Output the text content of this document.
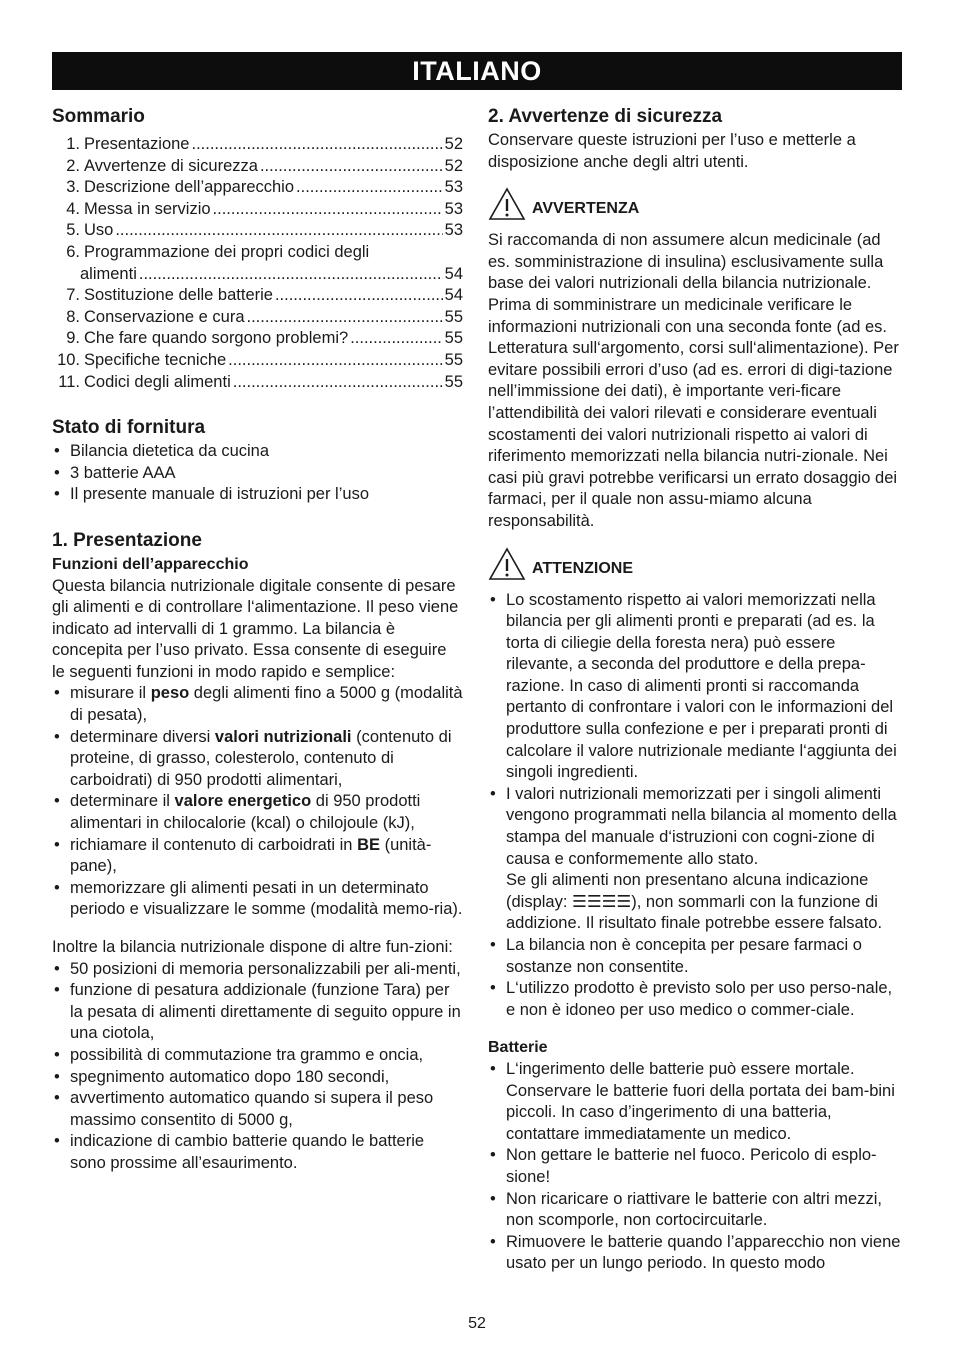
ITALIANO
Sommario
1. Presentazione .....	52
2. Avvertenze di sicurezza .....	52
3. Descrizione dell’apparecchio .....	53
4. Messa in servizio .....	53
5. Uso .....	53
6. Programmazione dei propri codici degli
alimenti .....	54
7. Sostituzione delle batterie .....	54
8. Conservazione e cura .....	55
9. Che fare quando sorgono problemi? .....	55
10. Specifiche tecniche .....	55
11. Codici degli alimenti .....	55
Stato di fornitura
• Bilancia dietetica da cucina
• 3 batterie AAA
• Il presente manuale di istruzioni per l’uso
1. Presentazione
Funzioni dell’apparecchio

Questa bilancia nutrizionale digitale consente di pesare gli alimenti e di controllare l‘alimentazione. Il peso viene indicato ad intervalli di 1 grammo. La bilancia è concepita per l’uso privato. Essa consente di eseguire le seguenti funzioni in modo rapido e semplice:

• misurare il peso degli alimenti fino a 5000 g (modalità di pesata),
• determinare diversi valori nutrizionali (contenuto di proteine, di grasso, colesterolo, contenuto di carboidrati) di 950 prodotti alimentari,
• determinare il valore energetico di 950 prodotti alimentari in chilocalorie (kcal) o chilojoule (kJ),
• richiamare il contenuto di carboidrati in BE (unità-pane),
• memorizzare gli alimenti pesati in un determinato periodo e visualizzare le somme (modalità memo-ria).

Inoltre la bilancia nutrizionale dispone di altre fun-zioni:

• 50 posizioni di memoria personalizzabili per ali-menti,
• funzione di pesatura addizionale (funzione Tara) per la pesata di alimenti direttamente di seguito oppure in una ciotola,
• possibilità di commutazione tra grammo e oncia,
• spegnimento automatico dopo 180 secondi,
• avvertimento automatico quando si supera il peso massimo consentito di 5000 g,
• indicazione di cambio batterie quando le batterie sono prossime all’esaurimento.
2. Avvertenze di sicurezza

Conservare queste istruzioni per l’uso e metterle a disposizione anche degli altri utenti.

AVVERTENZA

Si raccomanda di non assumere alcun medicinale (ad es. somministrazione di insulina) esclusivamente sulla base dei valori nutrizionali della bilancia nutrizionale. Prima di somministrare un medicinale verificare le informazioni nutrizionali con una seconda fonte (ad es. Letteratura sull‘argomento, corsi sull‘alimentazione). Per evitare possibili errori d’uso (ad es. errori di digi-tazione nell’immissione dei dati), è importante veri-ficare l’attendibilità dei valori rilevati e considerare eventuali scostamenti dei valori nutrizionali rispetto ai valori di riferimento memorizzati nella bilancia nutri-zionale. Nei casi più gravi potrebbe verificarsi un errato dosaggio dei farmaci, per il quale non assu-miamo alcuna responsabilità.

ATTENZIONE
• Lo scostamento rispetto ai valori memorizzati nella bilancia per gli alimenti pronti e preparati (ad es. la torta di ciliegie della foresta nera) può essere rilevante, a seconda del produttore e della prepa-razione. In caso di alimenti pronti si raccomanda pertanto di confrontare i valori con le informazioni del produttore sulla confezione e per i preparati pronti di calcolare il valore nutrizionale mediante l‘aggiunta dei singoli ingredienti.
• I valori nutrizionali memorizzati per i singoli alimenti vengono programmati nella bilancia al momento della stampa del manuale d‘istruzioni con cogni-zione di causa e conformemente allo stato.
Se gli alimenti non presentano alcuna indicazione (display: ☰☰☰☰), non sommarli con la funzione di addizione. Il risultato finale potrebbe essere falsato.
• La bilancia non è concepita per pesare farmaci o sostanze non consentite.
• L‘utilizzo prodotto è previsto solo per uso perso-nale, e non è idoneo per uso medico o commer-ciale.
Batterie
• L‘ingerimento delle batterie può essere mortale. Conservare le batterie fuori della portata dei bam-bini piccoli. In caso d’ingerimento di una batteria, contattare immediatamente un medico.
• Non gettare le batterie nel fuoco. Pericolo di esplo-sione!
• Non ricaricare o riattivare le batterie con altri mezzi, non scomporle, non cortocircuitarle.
• Rimuovere le batterie quando l’apparecchio non viene usato per un lungo periodo. In questo modo
52
